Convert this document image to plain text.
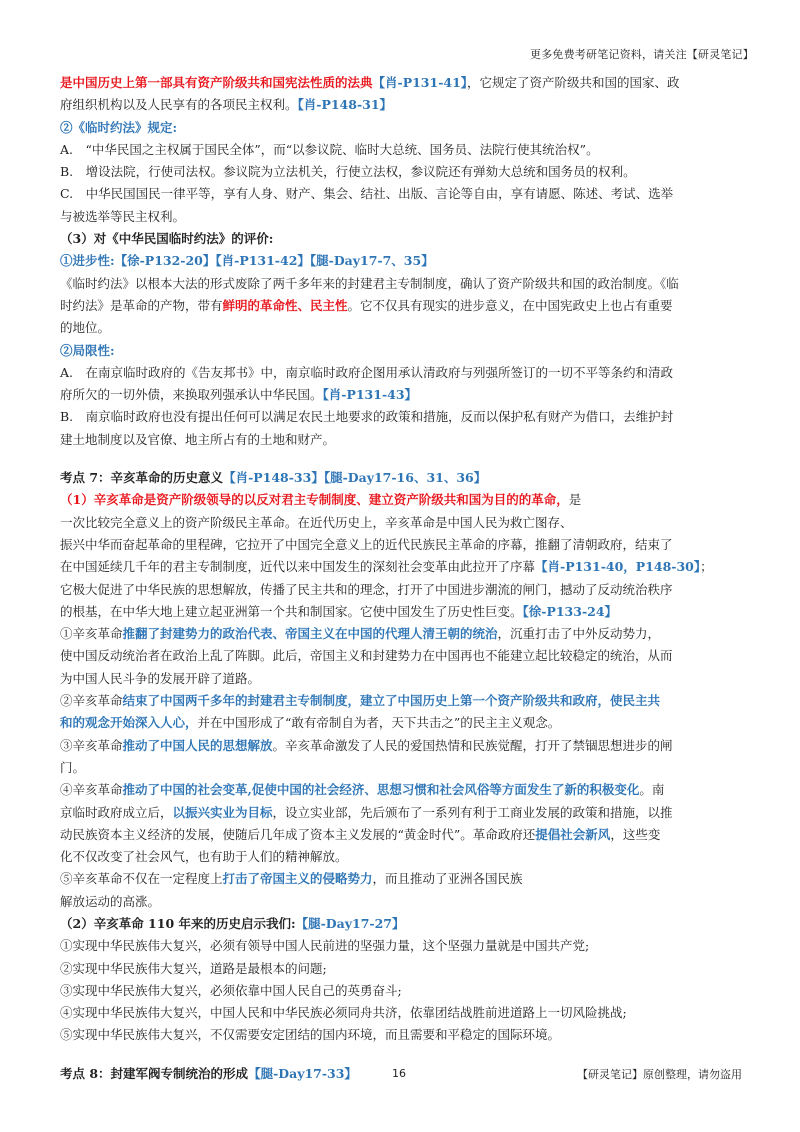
更多免费考研笔记资料，请关注【研灵笔记】
是中国历史上第一部具有资产阶级共和国宪法性质的法典【肖-P131-41】，它规定了资产阶级共和国的国家、政
府组织机构以及人民享有的各项民主权利。【肖-P148-31】
②《临时约法》规定:
A.　“中华民国之主权属于国民全体”，而“以参议院、临时大总统、国务员、法院行使其统治权”。
B.　增设法院，行使司法权。参议院为立法机关，行使立法权，参议院还有弹劾大总统和国务员的权利。
C.　中华民国国民一律平等，享有人身、财产、集会、结社、出版、言论等自由，享有请愿、陈述、考试、选举
与被选举等民主权利。
（3）对《中华民国临时约法》的评价:
①进步性:【徐-P132-20】【肖-P131-42】【腿-Day17-7、35】
《临时约法》以根本大法的形式废除了两千多年来的封建君主专制制度，确认了资产阶级共和国的政治制度。《临
时约法》是革命的产物，带有鲜明的革命性、民主性。它不仅具有现实的进步意义，在中国宪政史上也占有重要
的地位。
②局限性:
A.　在南京临时政府的《告友邦书》中，南京临时政府企图用承认清政府与列强所签订的一切不平等条约和清政
府所欠的一切外债，来换取列强承认中华民国。【肖-P131-43】
B.　南京临时政府也没有提出任何可以满足农民土地要求的政策和措施，反而以保护私有财产为借口，去维护封
建土地制度以及官僚、地主所占有的土地和财产。
考点 7：辛亥革命的历史意义【肖-P148-33】【腿-Day17-16、31、36】
（1）辛亥革命是资产阶级领导的以反对君主专制制度、建立资产阶级共和国为目的的革命，是
一次比较完全意义上的资产阶级民主革命。在近代历史上，辛亥革命是中国人民为救亡图存、
振兴中华而奋起革命的里程碑，它拉开了中国完全意义上的近代民族民主革命的序幕，推翻了清朝政府，结束了
在中国延续几千年的君主专制制度，近代以来中国发生的深刻社会变革由此拉开了序幕【肖-P131-40，P148-30】；
它极大促进了中华民族的思想解放，传播了民主共和的理念，打开了中国进步潮流的闸门，撼动了反动统治秩序
的根基，在中华大地上建立起亚洲第一个共和制国家。它使中国发生了历史性巨变。【徐-P133-24】
①辛亥革命推翻了封建势力的政治代表、帝国主义在中国的代理人清王朝的统治，沉重打击了中外反动势力，
使中国反动统治者在政治上乱了阵脚。此后，帝国主义和封建势力在中国再也不能建立起比较稳定的统治，从而
为中国人民斗争的发展开辟了道路。
②辛亥革命结束了中国两千多年的封建君主专制制度，建立了中国历史上第一个资产阶级共和政府，使民主共
和的观念开始深入人心，并在中国形成了“敢有帝制自为者，天下共击之”的民主主义观念。
③辛亥革命推动了中国人民的思想解放。辛亥革命激发了人民的爱国热情和民族觉醒，打开了禁锢思想进步的闸
门。
④辛亥革命推动了中国的社会变革,促使中国的社会经济、思想习惯和社会风俗等方面发生了新的积极变化。南
京临时政府成立后，以振兴实业为目标，设立实业部，先后颁布了一系列有利于工商业发展的政策和措施，以推
动民族资本主义经济的发展，使随后几年成了资本主义发展的“黄金时代”。革命政府还提倡社会新风，这些变
化不仅改变了社会风气，也有助于人们的精神解放。
⑤辛亥革命不仅在一定程度上打击了帝国主义的侵略势力，而且推动了亚洲各国民族
解放运动的高涨。
（2）辛亥革命 110 年来的历史启示我们:【腿-Day17-27】
①实现中华民族伟大复兴，必须有领导中国人民前进的坚强力量，这个坚强力量就是中国共产党;
②实现中华民族伟大复兴，道路是最根本的问题;
③实现中华民族伟大复兴，必须依靠中国人民自己的英勇奋斗;
④实现中华民族伟大复兴，中国人民和中华民族必须同舟共济，依靠团结战胜前进道路上一切风险挑战;
⑤实现中华民族伟大复兴，不仅需要安定团结的国内环境，而且需要和平稳定的国际环境。
考点 8：封建军阀专制统治的形成【腿-Day17-33】	16	【研灵笔记】原创整理，请勿盗用
